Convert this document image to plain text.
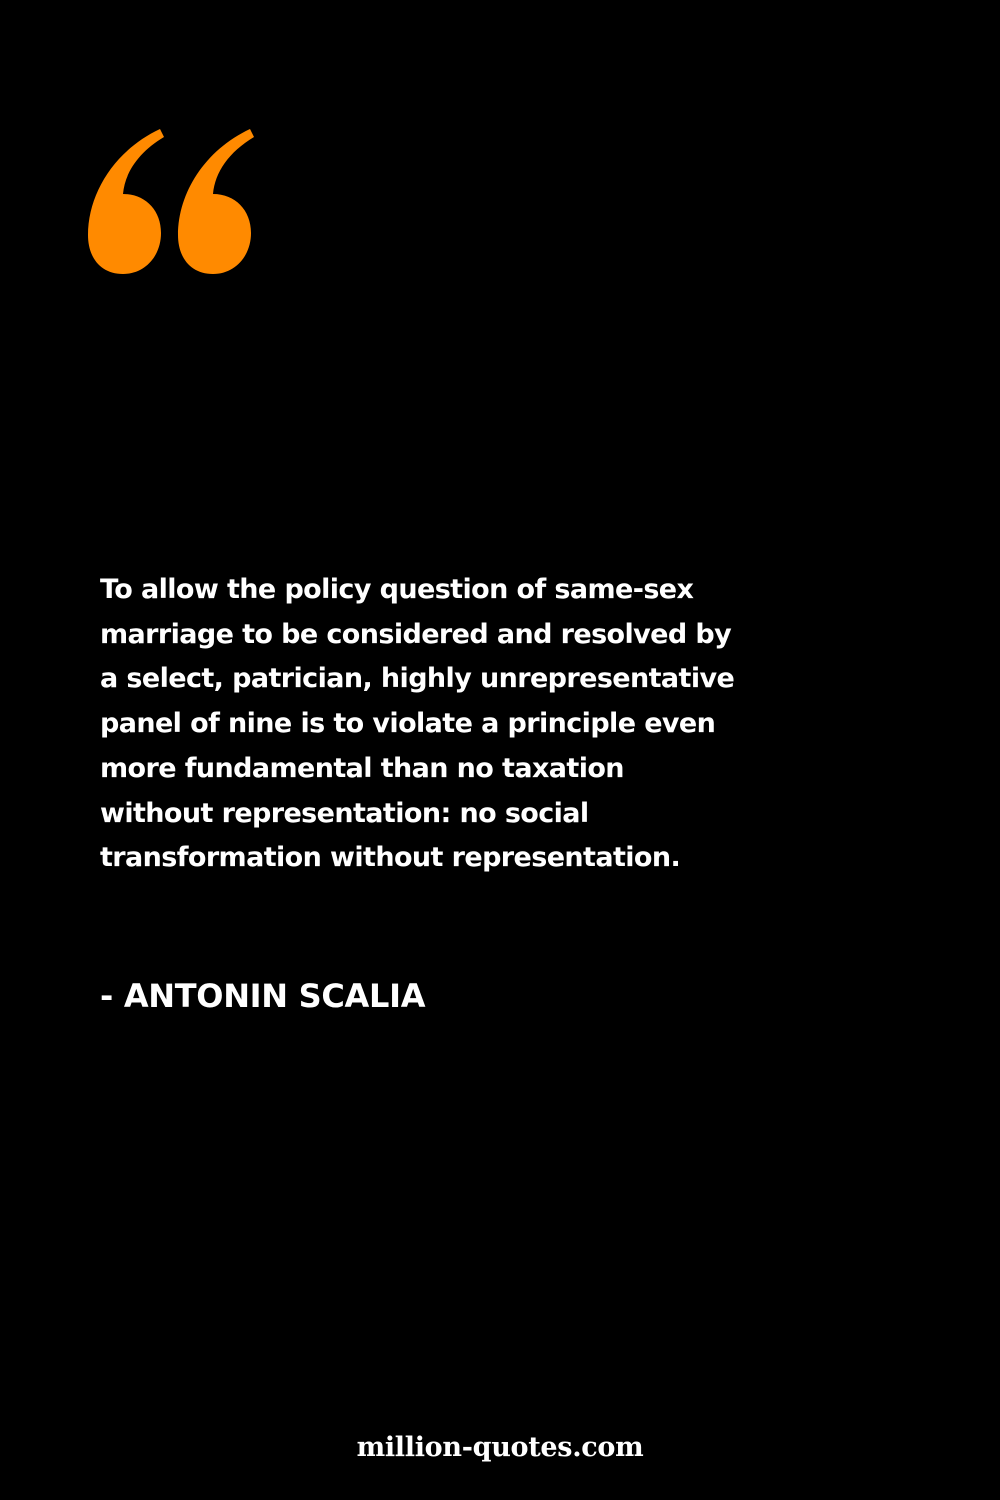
To allow the policy question of same-sex
marriage to be considered and resolved by
a select, patrician, highly unrepresentative
panel of nine is to violate a principle even
more fundamental than no taxation
without representation: no social
transformation without representation.

- ANTONIN SCALIA
million-quotes.com
